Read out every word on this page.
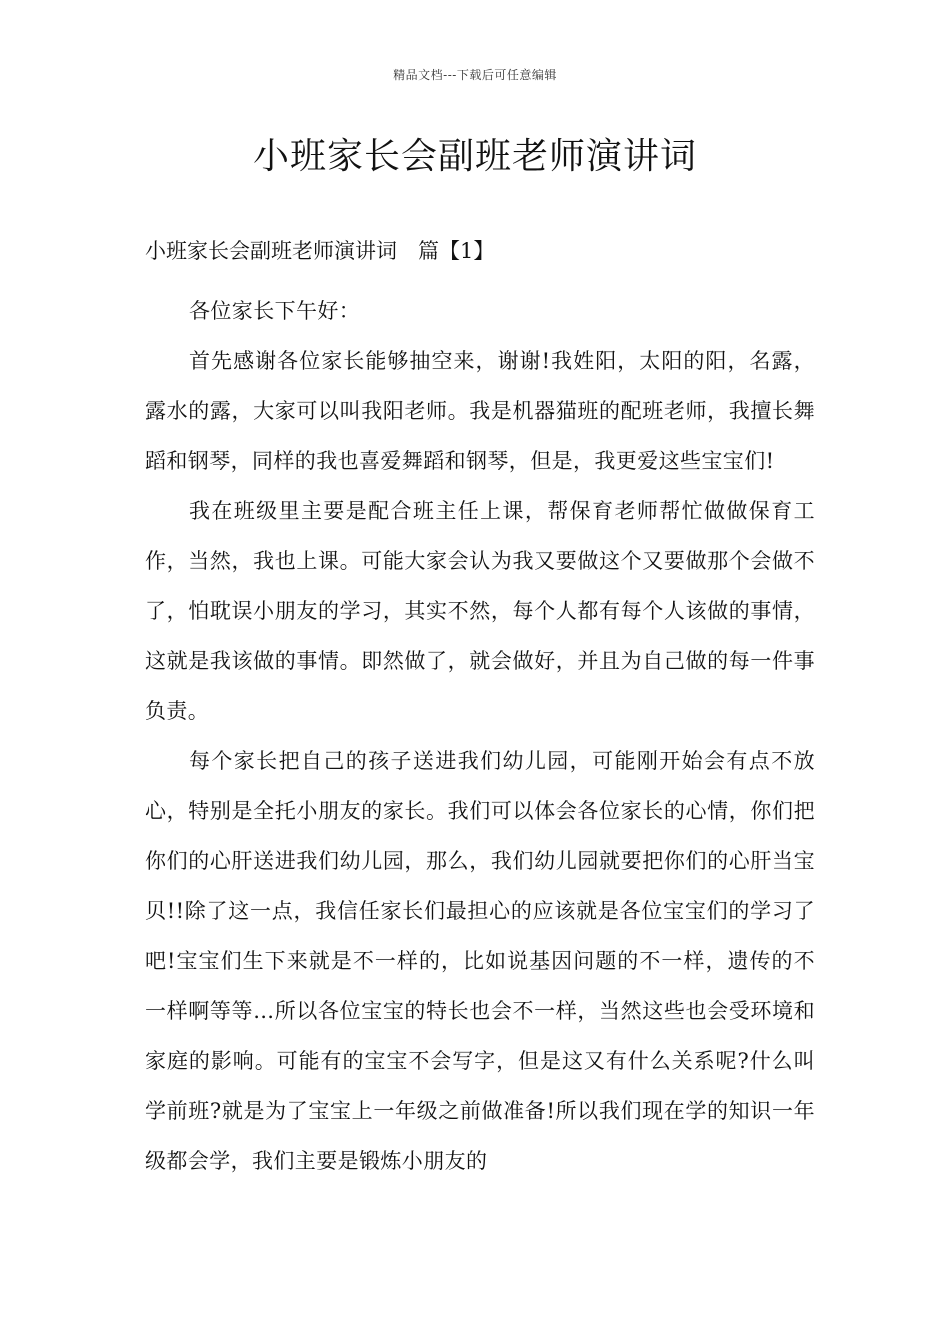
精品文档---下载后可任意编辑
小班家长会副班老师演讲词
小班家长会副班老师演讲词　篇【1】

各位家长下午好：

首先感谢各位家长能够抽空来，谢谢!我姓阳，太阳的阳，名露，露水的露，大家可以叫我阳老师。我是机器猫班的配班老师，我擅长舞蹈和钢琴，同样的我也喜爱舞蹈和钢琴，但是，我更爱这些宝宝们!

我在班级里主要是配合班主任上课，帮保育老师帮忙做做保育工作，当然，我也上课。可能大家会认为我又要做这个又要做那个会做不了，怕耽误小朋友的学习，其实不然，每个人都有每个人该做的事情，这就是我该做的事情。即然做了，就会做好，并且为自己做的每一件事负责。

每个家长把自己的孩子送进我们幼儿园，可能刚开始会有点不放心，特别是全托小朋友的家长。我们可以体会各位家长的心情，你们把你们的心肝送进我们幼儿园，那么，我们幼儿园就要把你们的心肝当宝贝!!除了这一点，我信任家长们最担心的应该就是各位宝宝们的学习了吧!宝宝们生下来就是不一样的，比如说基因问题的不一样，遗传的不一样啊等等…所以各位宝宝的特长也会不一样，当然这些也会受环境和家庭的影响。可能有的宝宝不会写字，但是这又有什么关系呢?什么叫学前班?就是为了宝宝上一年级之前做准备!所以我们现在学的知识一年级都会学，我们主要是锻炼小朋友的
